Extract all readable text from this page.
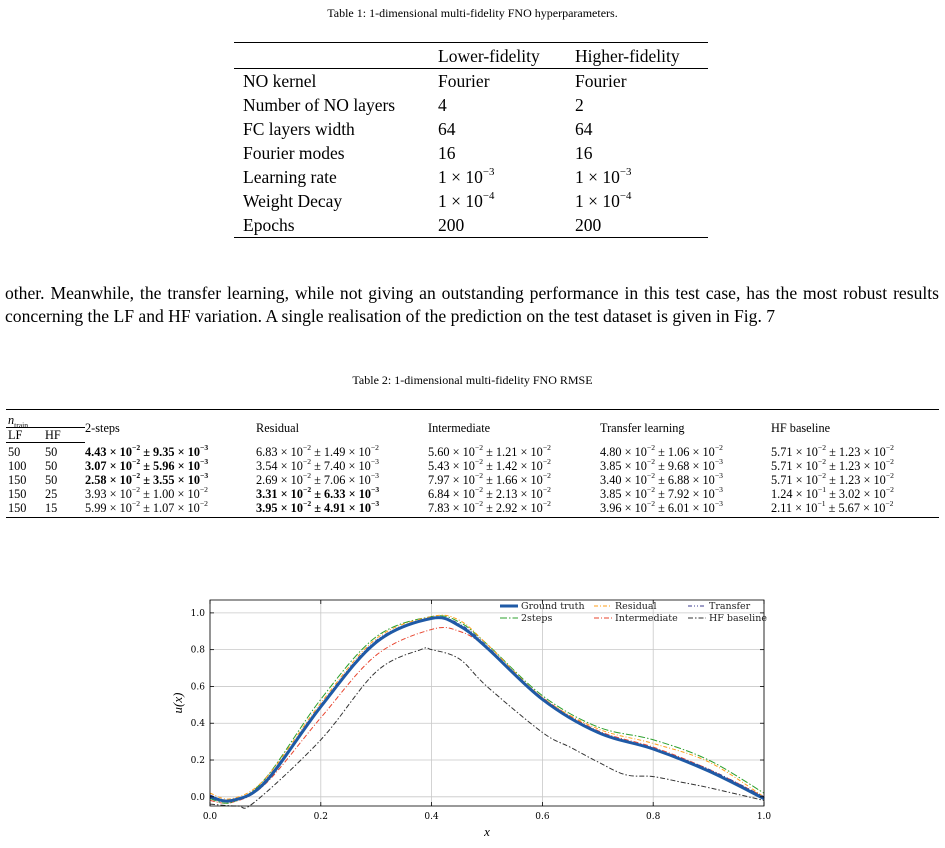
Table 1: 1-dimensional multi-fidelity FNO hyperparameters.
	Lower-fidelity	Higher-fidelity
NO kernel	Fourier	Fourier
Number of NO layers	4	2
FC layers width	64	64
Fourier modes	16	16
Learning rate	$1 \times 10^{-3}$	$1 \times 10^{-3}$
Weight Decay	$1 \times 10^{-4}$	$1 \times 10^{-4}$
Epochs	200	200

other. Meanwhile, the transfer learning, while not giving an outstanding performance in this test case, has the most robust results concerning the LF and HF variation. A single realisation of the prediction on the test dataset is given in Fig. 7

Table 2: 1-dimensional multi-fidelity FNO RMSE
$n_{train}$		2-steps	Residual	Intermediate	Transfer learning	HF baseline
LF	HF					
50	50	$4.43 \times 10^{-2} \pm 9.35 \times 10^{-3}$	$6.83 \times 10^{-2} \pm 1.49 \times 10^{-2}$	$5.60 \times 10^{-2} \pm 1.21 \times 10^{-2}$	$4.80 \times 10^{-2} \pm 1.06 \times 10^{-2}$	$5.71 \times 10^{-2} \pm 1.23 \times 10^{-2}$
100	50	$3.07 \times 10^{-2} \pm 5.96 \times 10^{-3}$	$3.54 \times 10^{-2} \pm 7.40 \times 10^{-3}$	$5.43 \times 10^{-2} \pm 1.42 \times 10^{-2}$	$3.85 \times 10^{-2} \pm 9.68 \times 10^{-3}$	$5.71 \times 10^{-2} \pm 1.23 \times 10^{-2}$
150	50	$2.58 \times 10^{-2} \pm 3.55 \times 10^{-3}$	$2.69 \times 10^{-2} \pm 7.06 \times 10^{-3}$	$7.97 \times 10^{-2} \pm 1.66 \times 10^{-2}$	$3.40 \times 10^{-2} \pm 6.88 \times 10^{-3}$	$5.71 \times 10^{-2} \pm 1.23 \times 10^{-2}$
150	25	$3.93 \times 10^{-2} \pm 1.00 \times 10^{-2}$	$3.31 \times 10^{-2} \pm 6.33 \times 10^{-3}$	$6.84 \times 10^{-2} \pm 2.13 \times 10^{-2}$	$3.85 \times 10^{-2} \pm 7.92 \times 10^{-3}$	$1.24 \times 10^{-1} \pm 3.02 \times 10^{-2}$
150	15	$5.99 \times 10^{-2} \pm 1.07 \times 10^{-2}$	$3.95 \times 10^{-2} \pm 4.91 \times 10^{-3}$	$7.83 \times 10^{-2} \pm 2.92 \times 10^{-2}$	$3.96 \times 10^{-2} \pm 6.01 \times 10^{-3}$	$2.11 \times 10^{-1} \pm 5.67 \times 10^{-2}$
0.0	0.2	0.4	0.6	0.8	1.0
0.0
0.2
0.4
0.6
0.8
1.0
x
u(x)
Ground truth
2steps
Residual
Intermediate
Transfer
HF baseline
